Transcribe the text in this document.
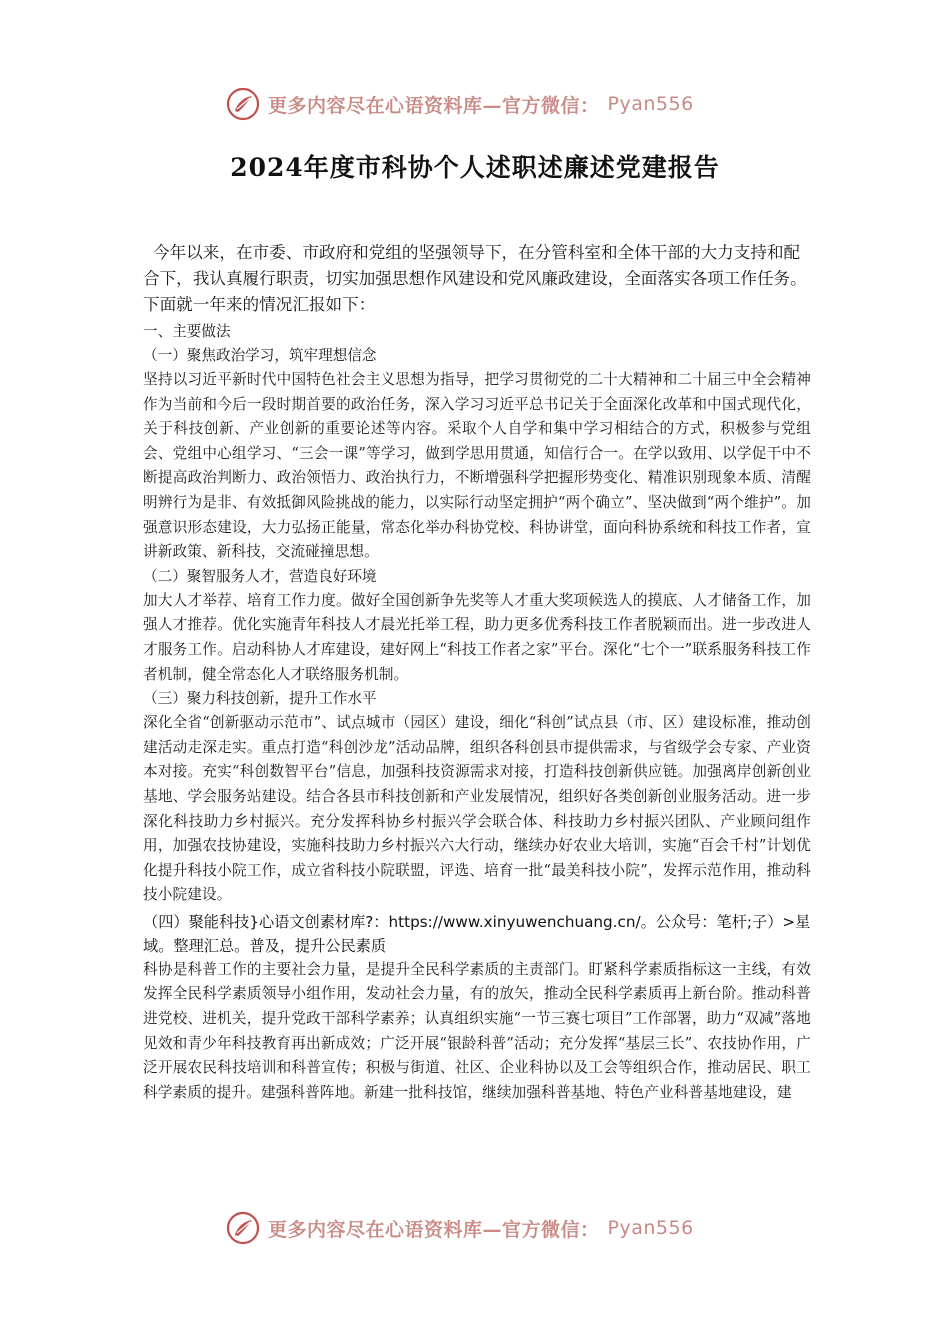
更多内容尽在心语资料库—官方微信： Pyan556
2024年度市科协个人述职述廉述党建报告

今年以来，在市委、市政府和党组的坚强领导下，在分管科室和全体干部的大力支持和配合下，我认真履行职责，切实加强思想作风建设和党风廉政建设，全面落实各项工作任务。下面就一年来的情况汇报如下：

一、主要做法

（一）聚焦政治学习，筑牢理想信念

坚持以习近平新时代中国特色社会主义思想为指导，把学习贯彻党的二十大精神和二十届三中全会精神作为当前和今后一段时期首要的政治任务，深入学习习近平总书记关于全面深化改革和中国式现代化，关于科技创新、产业创新的重要论述等内容。采取个人自学和集中学习相结合的方式，积极参与党组会、党组中心组学习、“三会一课”等学习，做到学思用贯通，知信行合一。在学以致用、以学促干中不断提高政治判断力、政治领悟力、政治执行力，不断增强科学把握形势变化、精准识别现象本质、清醒明辨行为是非、有效抵御风险挑战的能力，以实际行动坚定拥护“两个确立”、坚决做到“两个维护”。加强意识形态建设，大力弘扬正能量，常态化举办科协党校、科协讲堂，面向科协系统和科技工作者，宣讲新政策、新科技，交流碰撞思想。

（二）聚智服务人才，营造良好环境

加大人才举荐、培育工作力度。做好全国创新争先奖等人才重大奖项候选人的摸底、人才储备工作，加强人才推荐。优化实施青年科技人才晨光托举工程，助力更多优秀科技工作者脱颖而出。进一步改进人才服务工作。启动科协人才库建设，建好网上“科技工作者之家”平台。深化“七个一”联系服务科技工作者机制，健全常态化人才联络服务机制。

（三）聚力科技创新，提升工作水平

深化全省“创新驱动示范市”、试点城市（园区）建设，细化“科创”试点县（市、区）建设标准，推动创建活动走深走实。重点打造“科创沙龙”活动品牌，组织各科创县市提供需求，与省级学会专家、产业资本对接。充实“科创数智平台”信息，加强科技资源需求对接，打造科技创新供应链。加强离岸创新创业基地、学会服务站建设。结合各县市科技创新和产业发展情况，组织好各类创新创业服务活动。进一步深化科技助力乡村振兴。充分发挥科协乡村振兴学会联合体、科技助力乡村振兴团队、产业顾问组作用，加强农技协建设，实施科技助力乡村振兴六大行动，继续办好农业大培训，实施“百会千村”计划优化提升科技小院工作，成立省科技小院联盟，评选、培育一批“最美科技小院”，发挥示范作用，推动科技小院建设。

（四）聚能科技}心语文创素材库?：https://www.xinyuwenchuang.cn/。公众号：笔杆;子）>星域。整理汇总。普及，提升公民素质

科协是科普工作的主要社会力量，是提升全民科学素质的主责部门。盯紧科学素质指标这一主线，有效发挥全民科学素质领导小组作用，发动社会力量，有的放矢，推动全民科学素质再上新台阶。推动科普进党校、进机关，提升党政干部科学素养；认真组织实施“一节三赛七项目”工作部署，助力“双减”落地见效和青少年科技教育再出新成效；广泛开展“银龄科普”活动；充分发挥“基层三长”、农技协作用，广泛开展农民科技培训和科普宣传；积极与街道、社区、企业科协以及工会等组织合作，推动居民、职工科学素质的提升。建强科普阵地。新建一批科技馆，继续加强科普基地、特色产业科普基地建设，建

更多内容尽在心语资料库—官方微信： Pyan556
